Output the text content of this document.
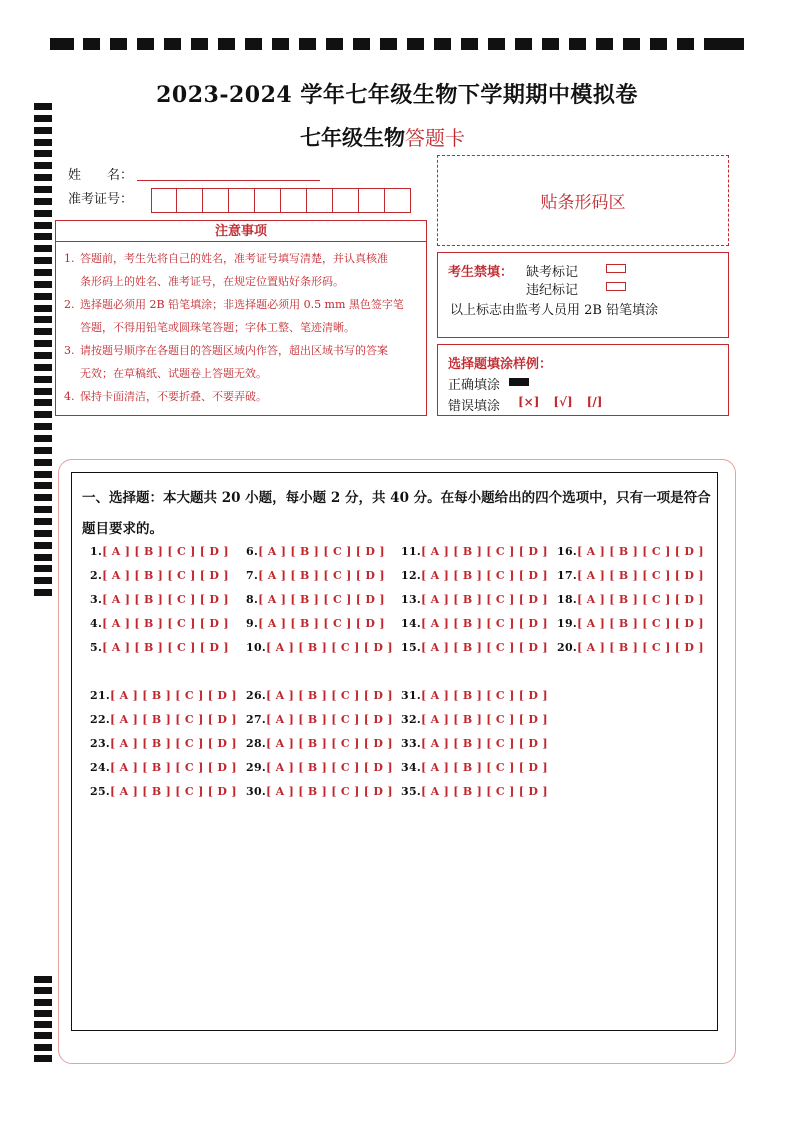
2023-2024 学年七年级生物下学期期中模拟卷
七年级生物答题卡
姓　　名：
准考证号：	贴条形码区
注意事项
1. 答题前，考生先将自己的姓名，准考证号填写清楚，并认真核准
条形码上的姓名、准考证号，在规定位置贴好条形码。
2. 选择题必须用 2B 铅笔填涂；非选择题必须用 0.5 mm 黑色签字笔
答题，不得用铅笔或圆珠笔答题；字体工整、笔迹清晰。
3. 请按题号顺序在各题目的答题区域内作答，超出区域书写的答案
无效；在草稿纸、试题卷上答题无效。
4. 保持卡面清洁，不要折叠、不要弄破。
考生禁填： 缺考标记
违纪标记
以上标志由监考人员用 2B 铅笔填涂
选择题填涂样例：
正确填涂
错误填涂 [×] [√] [/]
一、选择题：本大题共 20 小题，每小题 2 分，共 40 分。在每小题给出的四个选项中，只有一项是符合
题目要求的。
1.[ A ] [ B ] [ C ] [ D ]
2.[ A ] [ B ] [ C ] [ D ]
3.[ A ] [ B ] [ C ] [ D ]
4.[ A ] [ B ] [ C ] [ D ]
5.[ A ] [ B ] [ C ] [ D ]
6.[ A ] [ B ] [ C ] [ D ]
7.[ A ] [ B ] [ C ] [ D ]
8.[ A ] [ B ] [ C ] [ D ]
9.[ A ] [ B ] [ C ] [ D ]
10.[ A ] [ B ] [ C ] [ D ]
11.[ A ] [ B ] [ C ] [ D ]
12.[ A ] [ B ] [ C ] [ D ]
13.[ A ] [ B ] [ C ] [ D ]
14.[ A ] [ B ] [ C ] [ D ]
15.[ A ] [ B ] [ C ] [ D ]
16.[ A ] [ B ] [ C ] [ D ]
17.[ A ] [ B ] [ C ] [ D ]
18.[ A ] [ B ] [ C ] [ D ]
19.[ A ] [ B ] [ C ] [ D ]
20.[ A ] [ B ] [ C ] [ D ]
21.[ A ] [ B ] [ C ] [ D ]
22.[ A ] [ B ] [ C ] [ D ]
23.[ A ] [ B ] [ C ] [ D ]
24.[ A ] [ B ] [ C ] [ D ]
25.[ A ] [ B ] [ C ] [ D ]
26.[ A ] [ B ] [ C ] [ D ]
27.[ A ] [ B ] [ C ] [ D ]
28.[ A ] [ B ] [ C ] [ D ]
29.[ A ] [ B ] [ C ] [ D ]
30.[ A ] [ B ] [ C ] [ D ]
31.[ A ] [ B ] [ C ] [ D ]
32.[ A ] [ B ] [ C ] [ D ]
33.[ A ] [ B ] [ C ] [ D ]
34.[ A ] [ B ] [ C ] [ D ]
35.[ A ] [ B ] [ C ] [ D ]
